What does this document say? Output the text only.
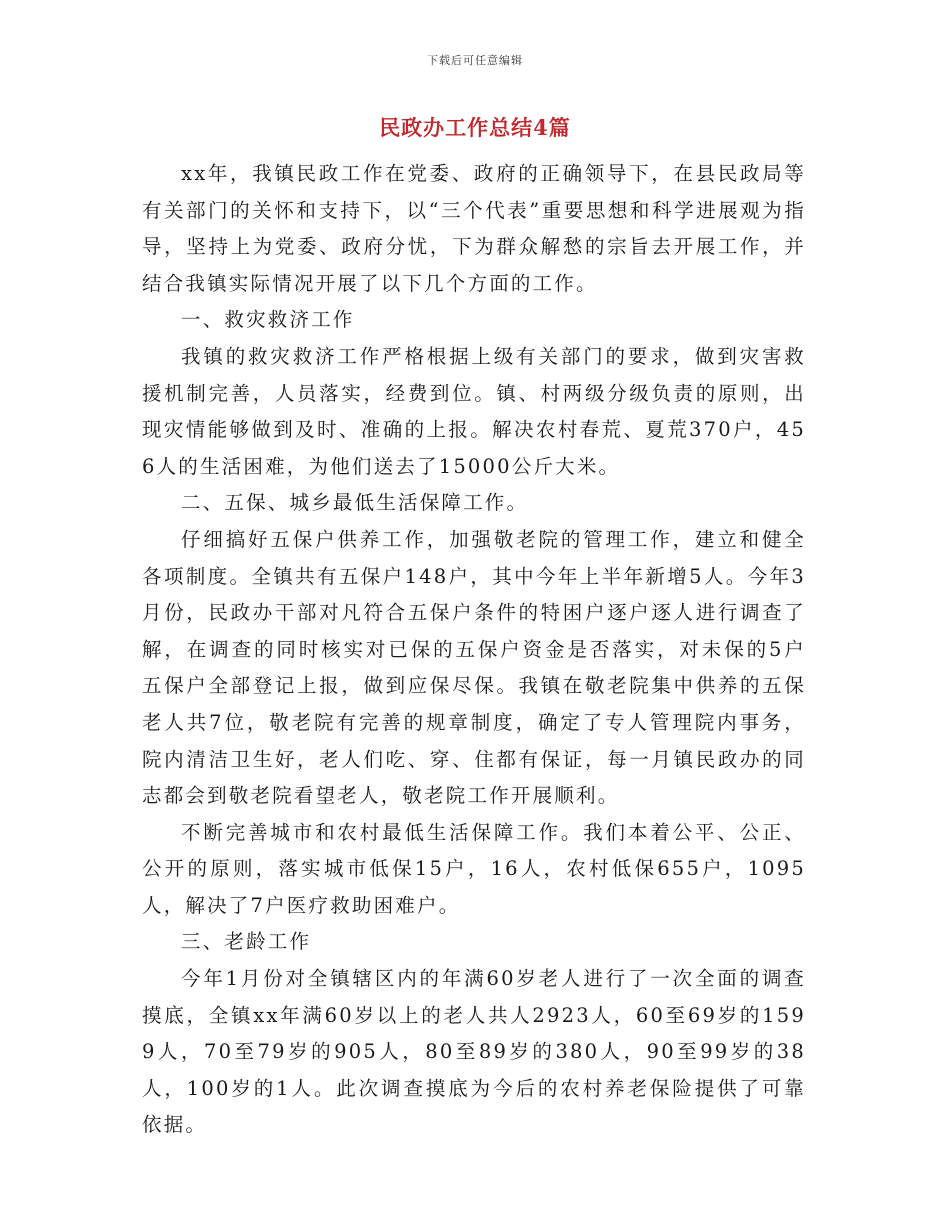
下载后可任意编辑
民政办工作总结4篇

xx年，我镇民政工作在党委、政府的正确领导下，在县民政局等有关部门的关怀和支持下，以“三个代表”重要思想和科学进展观为指导，坚持上为党委、政府分忧，下为群众解愁的宗旨去开展工作，并结合我镇实际情况开展了以下几个方面的工作。

一、救灾救济工作

我镇的救灾救济工作严格根据上级有关部门的要求，做到灾害救援机制完善，人员落实，经费到位。镇、村两级分级负责的原则，出现灾情能够做到及时、准确的上报。解决农村春荒、夏荒370户，456人的生活困难，为他们送去了15000公斤大米。

二、五保、城乡最低生活保障工作。

仔细搞好五保户供养工作，加强敬老院的管理工作，建立和健全各项制度。全镇共有五保户148户，其中今年上半年新增5人。今年3月份，民政办干部对凡符合五保户条件的特困户逐户逐人进行调查了解，在调查的同时核实对已保的五保户资金是否落实，对未保的5户五保户全部登记上报，做到应保尽保。我镇在敬老院集中供养的五保老人共7位，敬老院有完善的规章制度，确定了专人管理院内事务，院内清洁卫生好，老人们吃、穿、住都有保证，每一月镇民政办的同志都会到敬老院看望老人，敬老院工作开展顺利。

不断完善城市和农村最低生活保障工作。我们本着公平、公正、公开的原则，落实城市低保15户，16人，农村低保655户，1095人，解决了7户医疗救助困难户。

三、老龄工作

今年1月份对全镇辖区内的年满60岁老人进行了一次全面的调查摸底，全镇xx年满60岁以上的老人共人2923人，60至69岁的1599人，70至79岁的905人，80至89岁的380人，90至99岁的38人，100岁的1人。此次调查摸底为今后的农村养老保险提供了可靠依据。
